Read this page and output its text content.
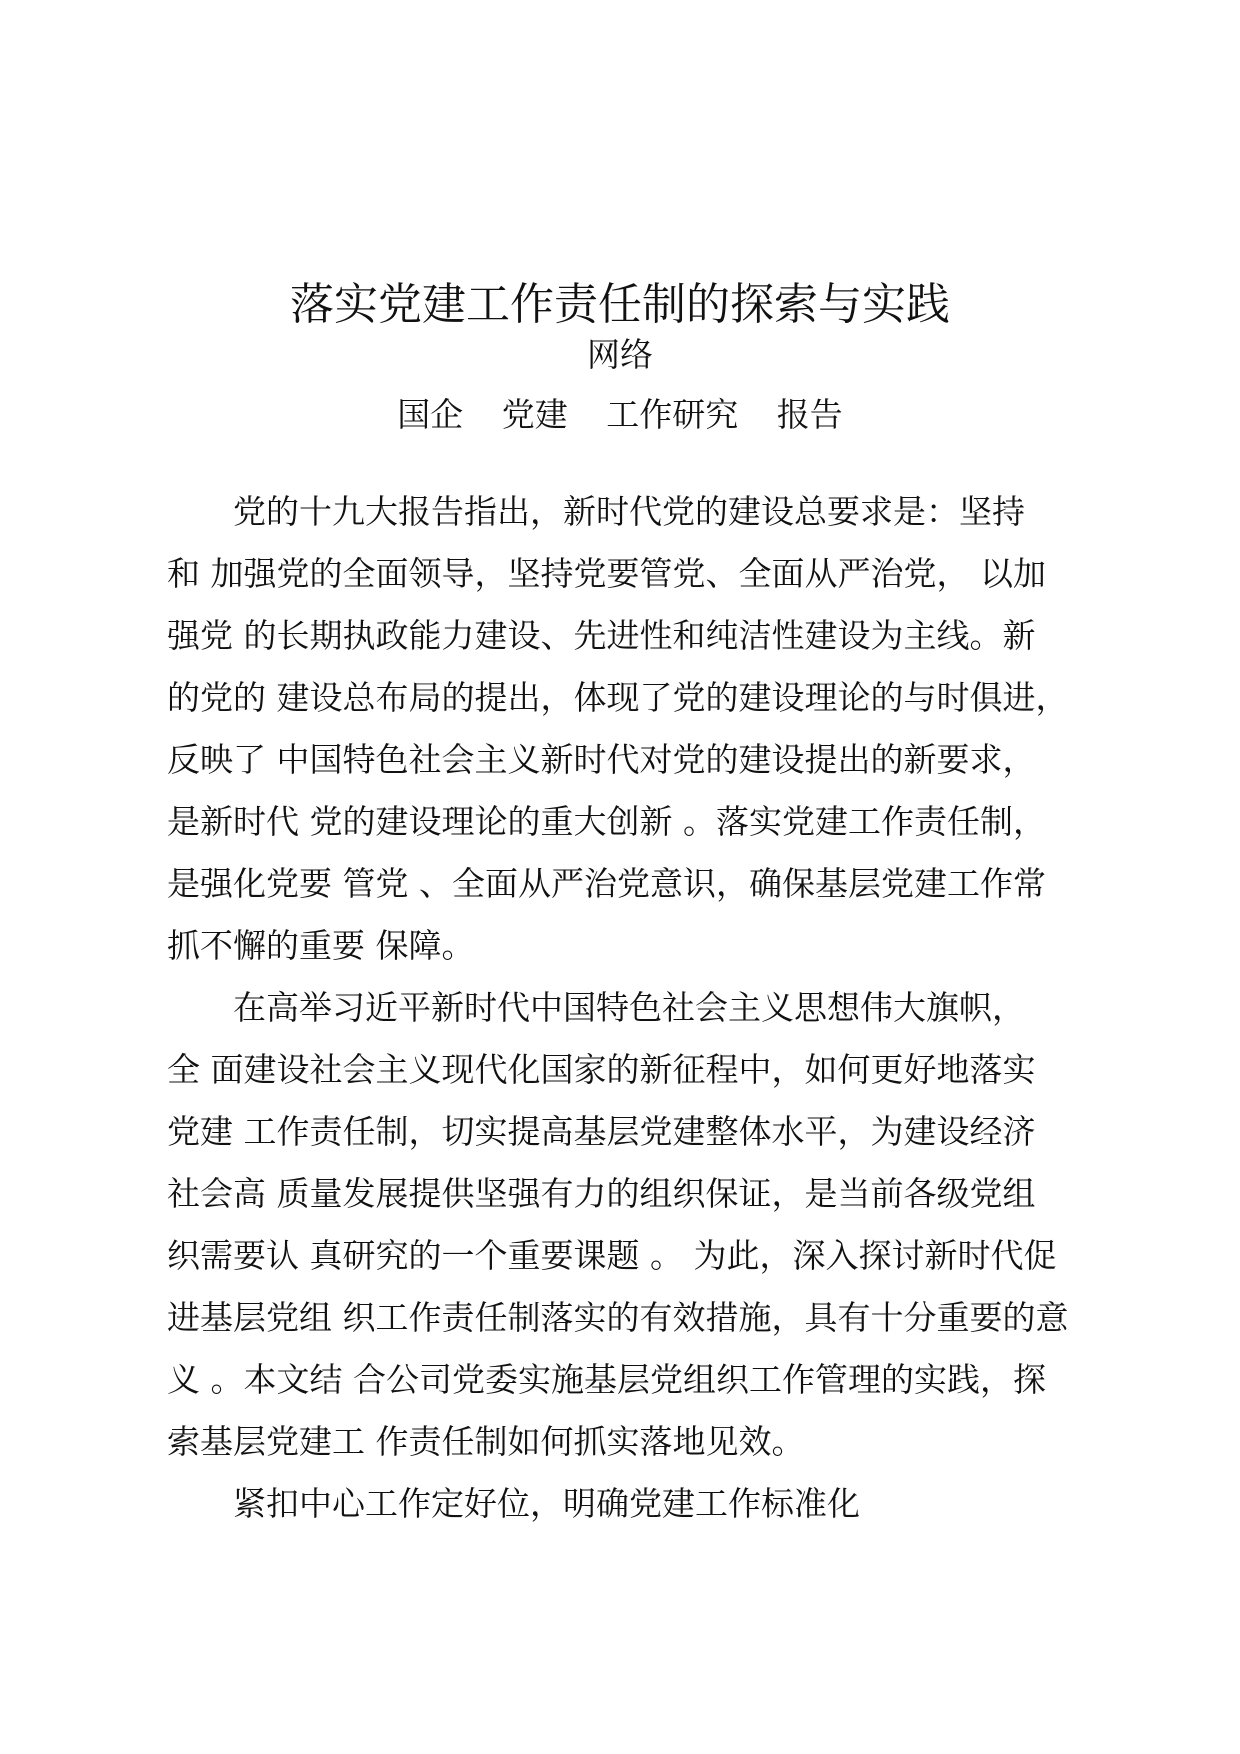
落实党建工作责任制的探索与实践
网络
国企 党建 工作研究 报告
党的十九大报告指出，新时代党的建设总要求是：坚持
和 加强党的全面领导，坚持党要管党、全面从严治党， 以加
强党 的长期执政能力建设、先进性和纯洁性建设为主线。新
的党的 建设总布局的提出，体现了党的建设理论的与时俱进，
反映了 中国特色社会主义新时代对党的建设提出的新要求，
是新时代 党的建设理论的重大创新 。落实党建工作责任制，
是强化党要 管党 、全面从严治党意识，确保基层党建工作常
抓不懈的重要 保障。
在高举习近平新时代中国特色社会主义思想伟大旗帜，
全 面建设社会主义现代化国家的新征程中，如何更好地落实
党建 工作责任制，切实提高基层党建整体水平，为建设经济
社会高 质量发展提供坚强有力的组织保证，是当前各级党组
织需要认 真研究的一个重要课题 。 为此，深入探讨新时代促
进基层党组 织工作责任制落实的有效措施，具有十分重要的意
义 。本文结 合公司党委实施基层党组织工作管理的实践，探
索基层党建工 作责任制如何抓实落地见效。
紧扣中心工作定好位，明确党建工作标准化
